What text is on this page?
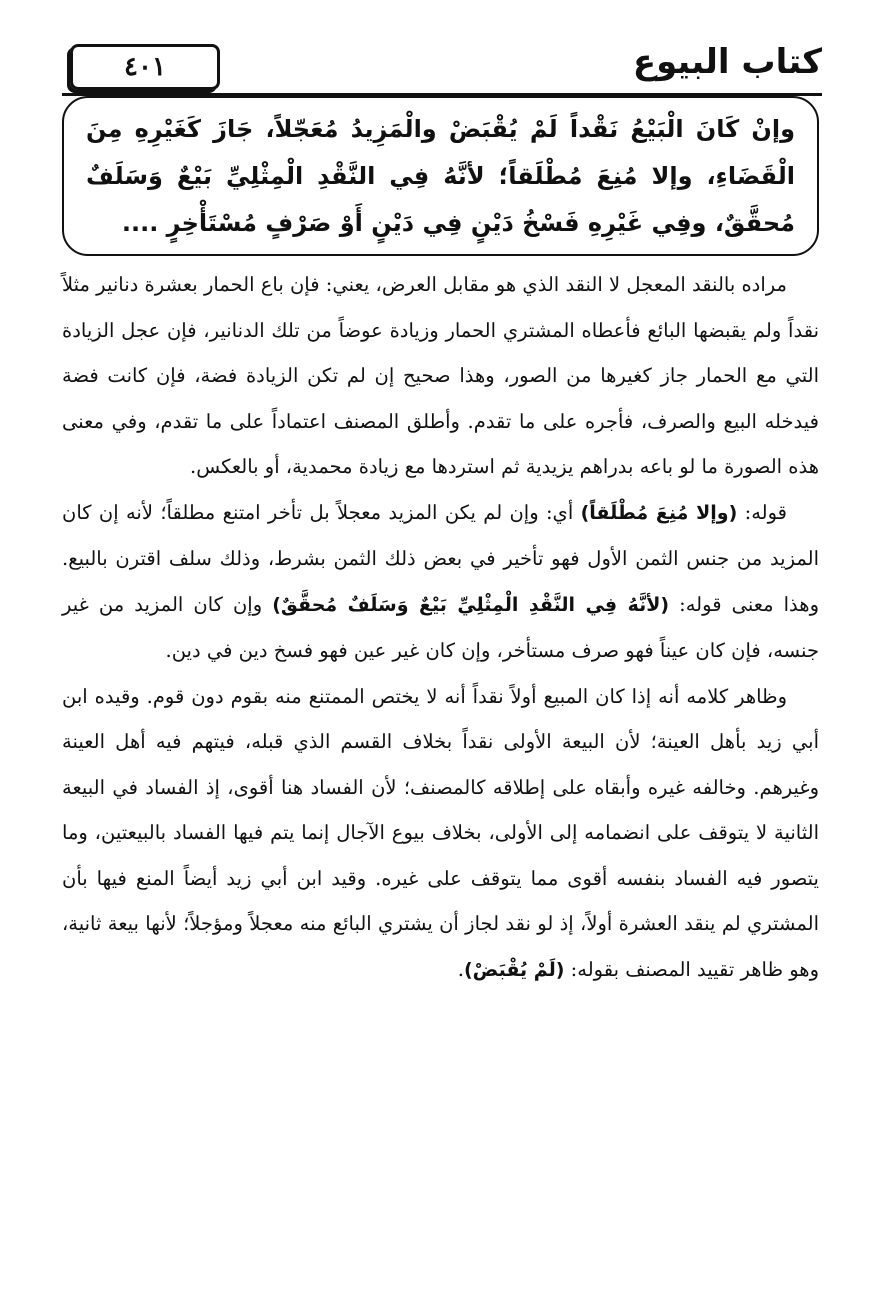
٤٠١	كتاب البيوع

وإنْ كَانَ الْبَيْعُ نَقْداً لَمْ يُقْبَضْ والْمَزِيدُ مُعَجّلاً، جَازَ كَغَيْرِهِ مِنَ الْقَضَاءِ، وإلا مُنِعَ مُطْلَقاً؛ لأنَّهُ فِي النَّقْدِ الْمِثْلِيِّ بَيْعٌ وَسَلَفٌ مُحقَّقٌ، وفِي غَيْرِهِ فَسْخُ دَيْنٍ فِي دَيْنٍ أَوْ صَرْفٍ مُسْتَأْخِرٍ ....

مراده بالنقد المعجل لا النقد الذي هو مقابل العرض، يعني: فإن باع الحمار بعشرة دنانير مثلاً نقداً ولم يقبضها البائع فأعطاه المشتري الحمار وزيادة عوضاً من تلك الدنانير، فإن عجل الزيادة التي مع الحمار جاز كغيرها من الصور، وهذا صحيح إن لم تكن الزيادة فضة، فإن كانت فضة فيدخله البيع والصرف، فأجره على ما تقدم. وأطلق المصنف اعتماداً على ما تقدم، وفي معنى هذه الصورة ما لو باعه بدراهم يزيدية ثم استردها مع زيادة محمدية، أو بالعكس.

قوله: (وإلا مُنِعَ مُطْلَقاً) أي: وإن لم يكن المزيد معجلاً بل تأخر امتنع مطلقاً؛ لأنه إن كان المزيد من جنس الثمن الأول فهو تأخير في بعض ذلك الثمن بشرط، وذلك سلف اقترن بالبيع. وهذا معنى قوله: (لأنَّهُ فِي النَّقْدِ الْمِثْلِيِّ بَيْعٌ وَسَلَفٌ مُحقَّقٌ) وإن كان المزيد من غير جنسه، فإن كان عيناً فهو صرف مستأخر، وإن كان غير عين فهو فسخ دين في دين.

وظاهر كلامه أنه إذا كان المبيع أولاً نقداً أنه لا يختص الممتنع منه بقوم دون قوم. وقيده ابن أبي زيد بأهل العينة؛ لأن البيعة الأولى نقداً بخلاف القسم الذي قبله، فيتهم فيه أهل العينة وغيرهم. وخالفه غيره وأبقاه على إطلاقه كالمصنف؛ لأن الفساد هنا أقوى، إذ الفساد في البيعة الثانية لا يتوقف على انضمامه إلى الأولى، بخلاف بيوع الآجال إنما يتم فيها الفساد بالبيعتين، وما يتصور فيه الفساد بنفسه أقوى مما يتوقف على غيره. وقيد ابن أبي زيد أيضاً المنع فيها بأن المشتري لم ينقد العشرة أولاً، إذ لو نقد لجاز أن يشتري البائع منه معجلاً ومؤجلاً؛ لأنها بيعة ثانية، وهو ظاهر تقييد المصنف بقوله: (لَمْ يُقْبَضْ).
